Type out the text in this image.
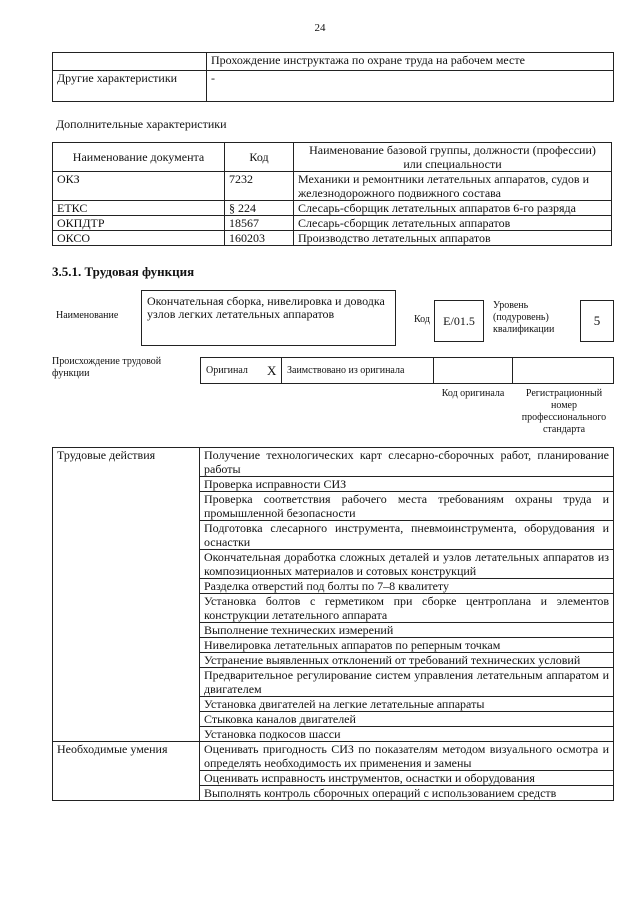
24
	Прохождение инструктажа по охране труда на рабочем месте
Другие характеристики	-
Дополнительные характеристики
Наименование документа	Код	Наименование базовой группы, должности (профессии) или специальности
ОКЗ	7232	Механики и ремонтники летательных аппаратов, судов и железнодорожного подвижного состава
ЕТКС	§ 224	Слесарь-сборщик летательных аппаратов 6-го разряда
ОКПДТР	18567	Слесарь-сборщик летательных аппаратов
ОКСО	160203	Производство летательных аппаратов
3.5.1. Трудовая функция
Наименование
Окончательная сборка, нивелировка и доводка узлов легких летательных аппаратов	Код	E/01.5
Уровень (подуровень) квалификации
5
Происхождение трудовой функции	Оригинал X Заимствовано из оригинала
Код оригинала	Регистрационный номер профессионального стандарта
Трудовые действия	Получение технологических карт слесарно-сборочных работ, планирование работы
	Проверка исправности СИЗ
	Проверка соответствия рабочего места требованиям охраны труда и промышленной безопасности
	Подготовка слесарного инструмента, пневмоинструмента, оборудования и оснастки
	Окончательная доработка сложных деталей и узлов летательных аппаратов из композиционных материалов и сотовых конструкций
	Разделка отверстий под болты по 7–8 квалитету
	Установка болтов с герметиком при сборке центроплана и элементов конструкции летательного аппарата
	Выполнение технических измерений
	Нивелировка летательных аппаратов по реперным точкам
	Устранение выявленных отклонений от требований технических условий
	Предварительное регулирование систем управления летательным аппаратом и двигателем
	Установка двигателей на легкие летательные аппараты
	Стыковка каналов двигателей
	Установка подкосов шасси
Необходимые умения	Оценивать пригодность СИЗ по показателям методом визуального осмотра и определять необходимость их применения и замены
	Оценивать исправность инструментов, оснастки и оборудования
	Выполнять контроль сборочных операций с использованием средств
